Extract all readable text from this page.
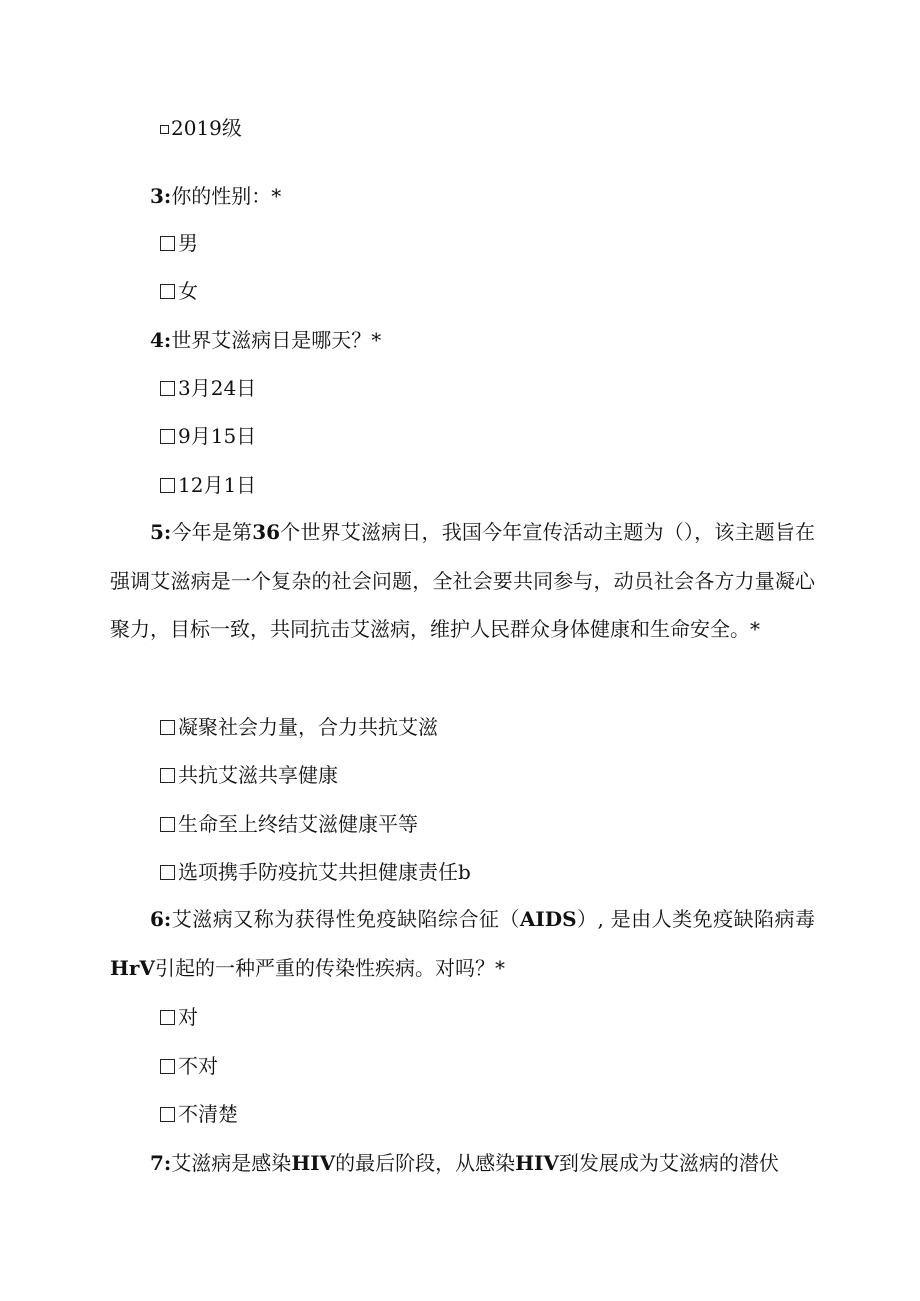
2019级
3:你的性别：*
男
女
4:世界艾滋病日是哪天？*
3月24日
9月15日
12月1日
5:今年是第36个世界艾滋病日，我国今年宣传活动主题为（），该主题旨在强调艾滋病是一个复杂的社会问题，全社会要共同参与，动员社会各方力量凝心聚力，目标一致，共同抗击艾滋病，维护人民群众身体健康和生命安全。*
凝聚社会力量，合力共抗艾滋
共抗艾滋共享健康
生命至上终结艾滋健康平等
选项携手防疫抗艾共担健康责任b
6:艾滋病又称为获得性免疫缺陷综合征（AIDS）, 是由人类免疫缺陷病毒HrV引起的一种严重的传染性疾病。对吗？*
对
不对
不清楚
7:艾滋病是感染HIV的最后阶段，从感染HIV到发展成为艾滋病的潜伏
